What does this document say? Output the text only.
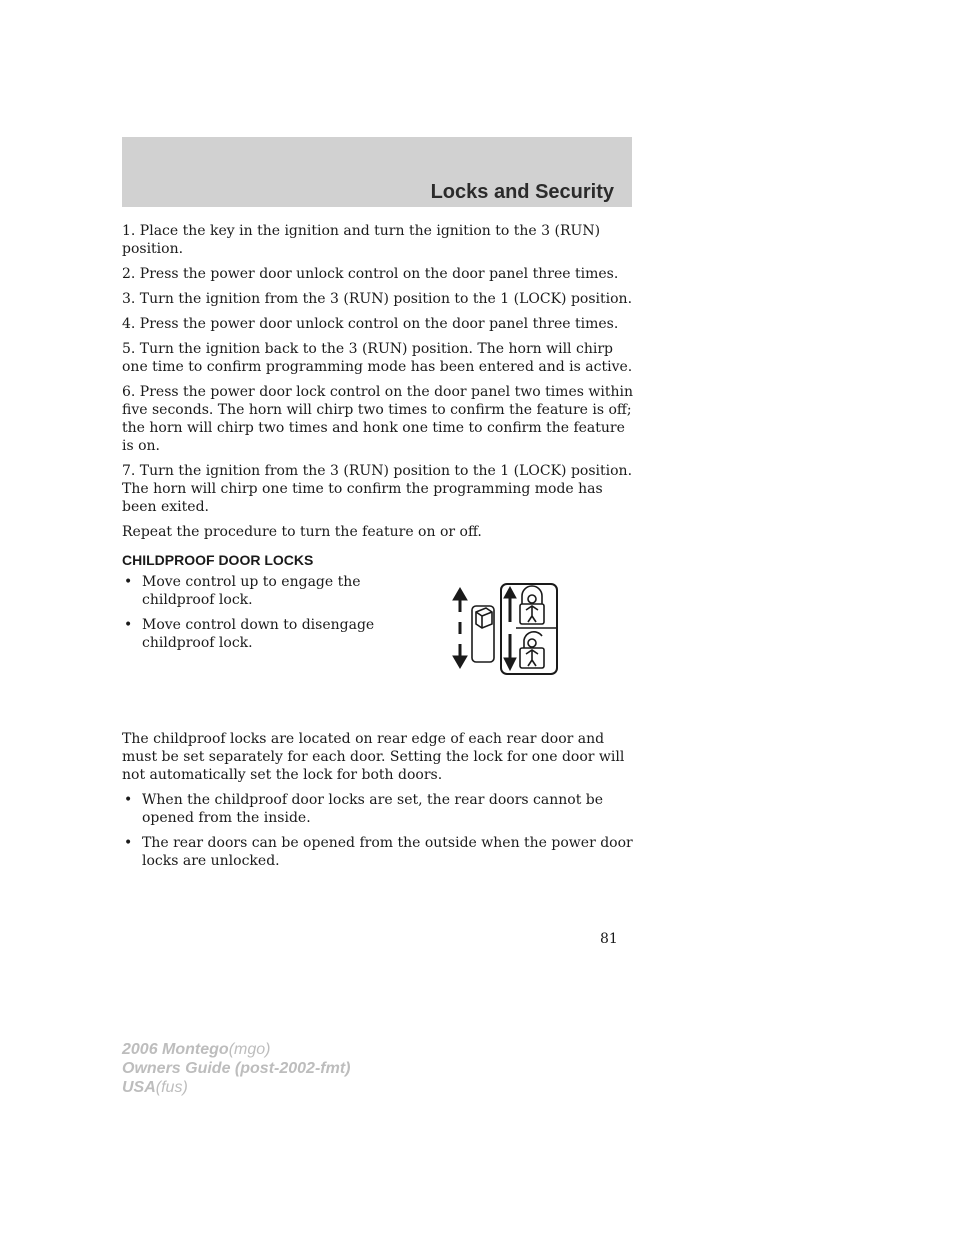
Locks and Security

1. Place the key in the ignition and turn the ignition to the 3 (RUN) position.

2. Press the power door unlock control on the door panel three times.

3. Turn the ignition from the 3 (RUN) position to the 1 (LOCK) position.

4. Press the power door unlock control on the door panel three times.

5. Turn the ignition back to the 3 (RUN) position. The horn will chirp one time to confirm programming mode has been entered and is active.

6. Press the power door lock control on the door panel two times within five seconds. The horn will chirp two times to confirm the feature is off; the horn will chirp two times and honk one time to confirm the feature is on.

7. Turn the ignition from the 3 (RUN) position to the 1 (LOCK) position. The horn will chirp one time to confirm the programming mode has been exited.

Repeat the procedure to turn the feature on or off.

CHILDPROOF DOOR LOCKS
• Move control up to engage the childproof lock.
• Move control down to disengage childproof lock.

The childproof locks are located on rear edge of each rear door and must be set separately for each door. Setting the lock for one door will not automatically set the lock for both doors.

• When the childproof door locks are set, the rear doors cannot be opened from the inside.
• The rear doors can be opened from the outside when the power door locks are unlocked.
81
2006 Montego(mgo)
Owners Guide (post-2002-fmt)
USA(fus)
